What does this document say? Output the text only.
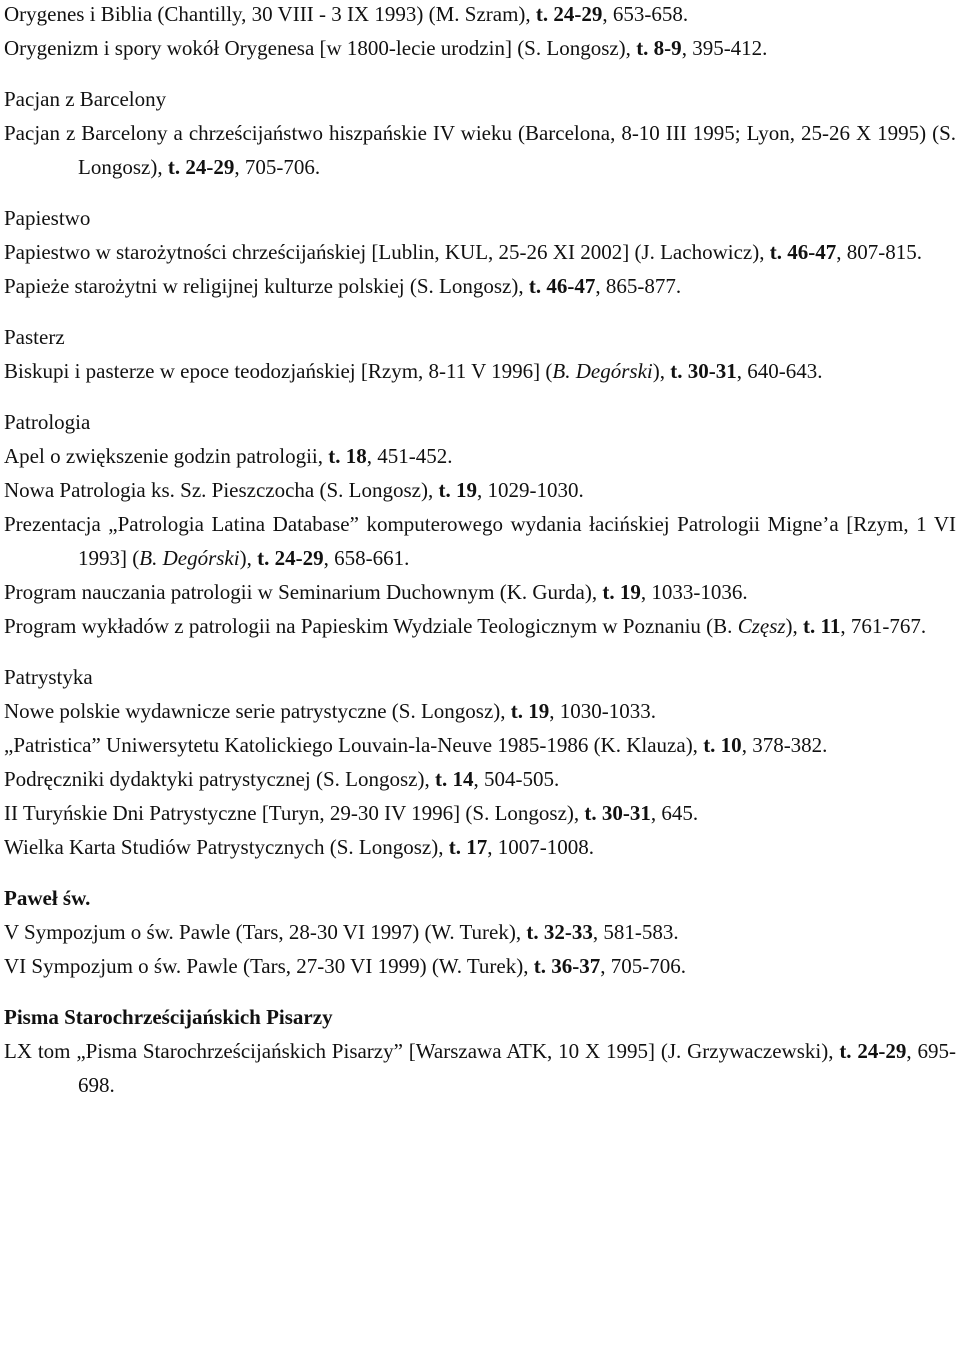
Orygenes i Biblia (Chantilly, 30 VIII - 3 IX 1993) (M. Szram), t. 24-29, 653-658.

Orygenizm i spory wokół Orygenesa [w 1800-lecie urodzin] (S. Longosz), t. 8-9, 395-412.

Pacjan z Barcelony

Pacjan z Barcelony a chrześcijaństwo hiszpańskie IV wieku (Barcelona, 8-10 III 1995; Lyon, 25-26 X 1995) (S. Longosz), t. 24-29, 705-706.

Papiestwo

Papiestwo w starożytności chrześcijańskiej [Lublin, KUL, 25-26 XI 2002] (J. Lachowicz), t. 46-47, 807-815.

Papieże starożytni w religijnej kulturze polskiej (S. Longosz), t. 46-47, 865-877.

Pasterz

Biskupi i pasterze w epoce teodozjańskiej [Rzym, 8-11 V 1996] (B. Degórski), t. 30-31, 640-643.

Patrologia

Apel o zwiększenie godzin patrologii, t. 18, 451-452.

Nowa Patrologia ks. Sz. Pieszczocha (S. Longosz), t. 19, 1029-1030.

Prezentacja „Patrologia Latina Database” komputerowego wydania łacińskiej Patrologii Migne’a [Rzym, 1 VI 1993] (B. Degórski), t. 24-29, 658-661.

Program nauczania patrologii w Seminarium Duchownym (K. Gurda), t. 19, 1033-1036.

Program wykładów z patrologii na Papieskim Wydziale Teologicznym w Poznaniu (B. Częsz), t. 11, 761-767.

Patrystyka

Nowe polskie wydawnicze serie patrystyczne (S. Longosz), t. 19, 1030-1033.

„Patristica” Uniwersytetu Katolickiego Louvain-la-Neuve 1985-1986 (K. Klauza), t. 10, 378-382.

Podręczniki dydaktyki patrystycznej (S. Longosz), t. 14, 504-505.

II Turyńskie Dni Patrystyczne [Turyn, 29-30 IV 1996] (S. Longosz), t. 30-31, 645.

Wielka Karta Studiów Patrystycznych (S. Longosz), t. 17, 1007-1008.

Paweł św.

V Sympozjum o św. Pawle (Tars, 28-30 VI 1997) (W. Turek), t. 32-33, 581-583.

VI Sympozjum o św. Pawle (Tars, 27-30 VI 1999) (W. Turek), t. 36-37, 705-706.

Pisma Starochrześcijańskich Pisarzy

LX tom „Pisma Starochrześcijańskich Pisarzy” [Warszawa ATK, 10 X 1995] (J. Grzywaczewski), t. 24-29, 695-698.
